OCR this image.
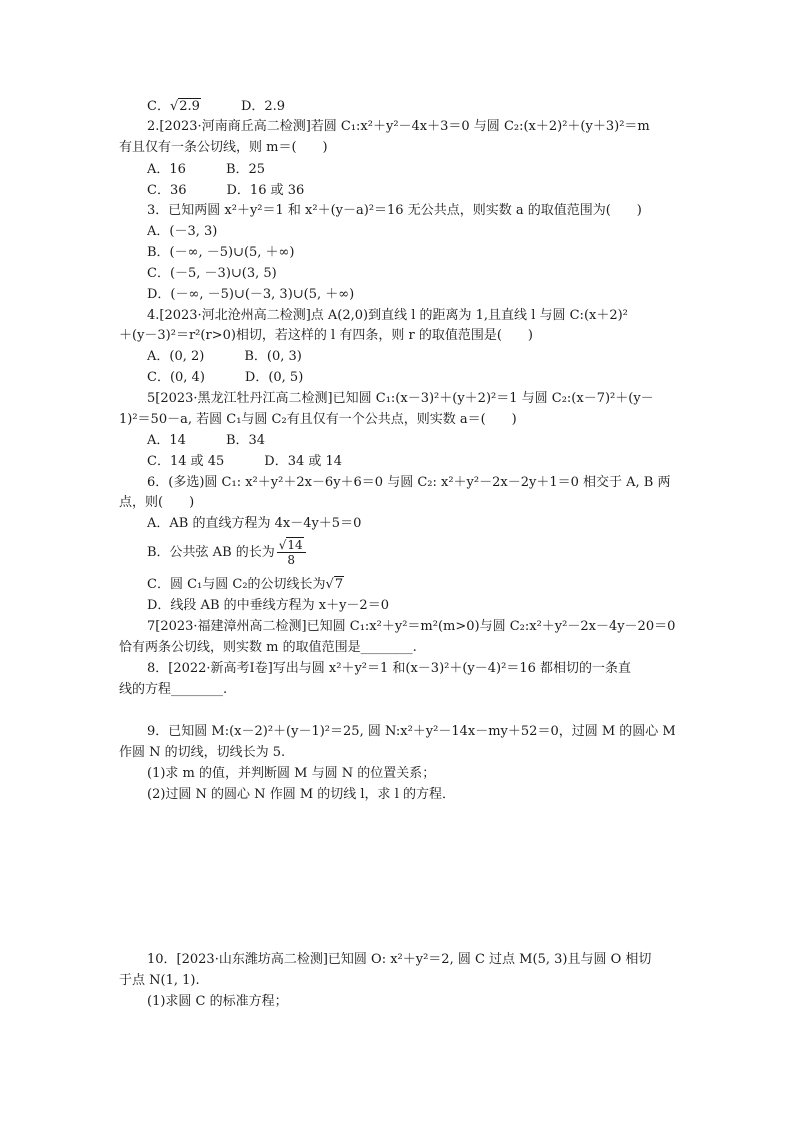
C．√2.9	D．2.9
2.[2023·河南商丘高二检测]若圆 C₁:x²＋y²－4x＋3＝0 与圆 C₂:(x＋2)²＋(y＋3)²＝m
有且仅有一条公切线，则 m＝(　　)
A．16	B．25
C．36	D．16 或 36
3．已知两圆 x²＋y²＝1 和 x²＋(y－a)²＝16 无公共点，则实数 a 的取值范围为(　　)
A．(－3, 3)
B．(－∞, －5)∪(5, ＋∞)
C．(－5, －3)∪(3, 5)
D．(－∞, －5)∪(－3, 3)∪(5, ＋∞)
4.[2023·河北沧州高二检测]点 A(2,0)到直线 l 的距离为 1,且直线 l 与圆 C:(x＋2)²
＋(y－3)²＝r²(r>0)相切，若这样的 l 有四条，则 r 的取值范围是(　　)
A．(0, 2)	B．(0, 3)
C．(0, 4)	D．(0, 5)
5[2023·黑龙江牡丹江高二检测]已知圆 C₁:(x－3)²＋(y＋2)²＝1 与圆 C₂:(x－7)²＋(y－
1)²＝50－a, 若圆 C₁与圆 C₂有且仅有一个公共点，则实数 a＝(　　)
A．14	B．34
C．14 或 45	D．34 或 14
6．(多选)圆 C₁: x²＋y²＋2x－6y＋6＝0 与圆 C₂: x²＋y²－2x－2y＋1＝0 相交于 A, B 两
点，则(　　)
A．AB 的直线方程为 4x－4y＋5＝0
B．公共弦 AB 的长为 $\frac{√14}{8}$
C．圆 C₁与圆 C₂的公切线长为√7
D．线段 AB 的中垂线方程为 x＋y－2＝0
7[2023·福建漳州高二检测]已知圆 C₁:x²＋y²＝m²(m>0)与圆 C₂:x²＋y²－2x－4y－20＝0
恰有两条公切线，则实数 m 的取值范围是________.
8．[2022·新高考Ⅰ卷]写出与圆 x²＋y²＝1 和(x－3)²＋(y－4)²＝16 都相切的一条直
线的方程________.
9．已知圆 M:(x－2)²＋(y－1)²＝25, 圆 N:x²＋y²－14x－my＋52＝0，过圆 M 的圆心 M
作圆 N 的切线，切线长为 5.
(1)求 m 的值，并判断圆 M 与圆 N 的位置关系；
(2)过圆 N 的圆心 N 作圆 M 的切线 l，求 l 的方程．
10．[2023·山东潍坊高二检测]已知圆 O: x²＋y²＝2, 圆 C 过点 M(5, 3)且与圆 O 相切
于点 N(1, 1).
(1)求圆 C 的标准方程；
